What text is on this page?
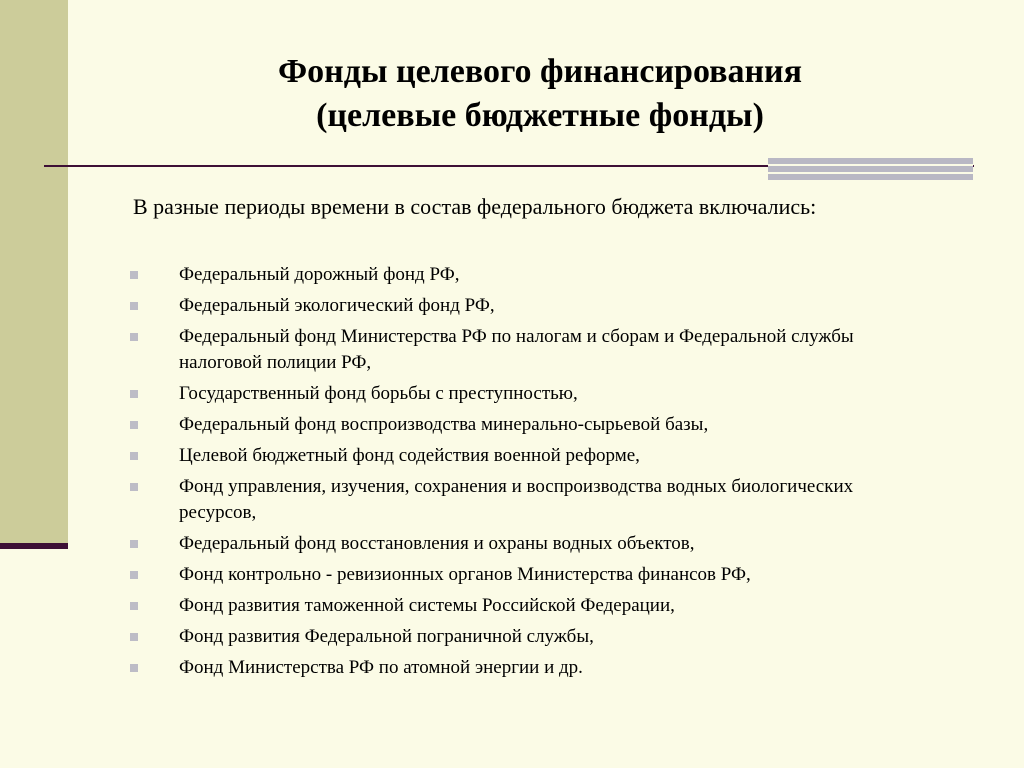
Фонды целевого финансирования
(целевые бюджетные фонды)
В разные периоды времени в состав федерального бюджета включались:
Федеральный дорожный фонд РФ,
Федеральный экологический фонд РФ,
Федеральный фонд Министерства РФ по налогам и сборам и Федеральной службы налоговой полиции РФ,
Государственный фонд борьбы с преступностью,
Федеральный фонд воспроизводства минерально-сырьевой базы,
Целевой бюджетный фонд содействия военной реформе,
Фонд управления, изучения, сохранения и воспроизводства водных биологических ресурсов,
Федеральный фонд восстановления и охраны водных объектов,
Фонд контрольно - ревизионных органов Министерства финансов РФ,
Фонд развития таможенной системы Российской Федерации,
Фонд развития Федеральной пограничной службы,
Фонд Министерства РФ по атомной энергии и др.
